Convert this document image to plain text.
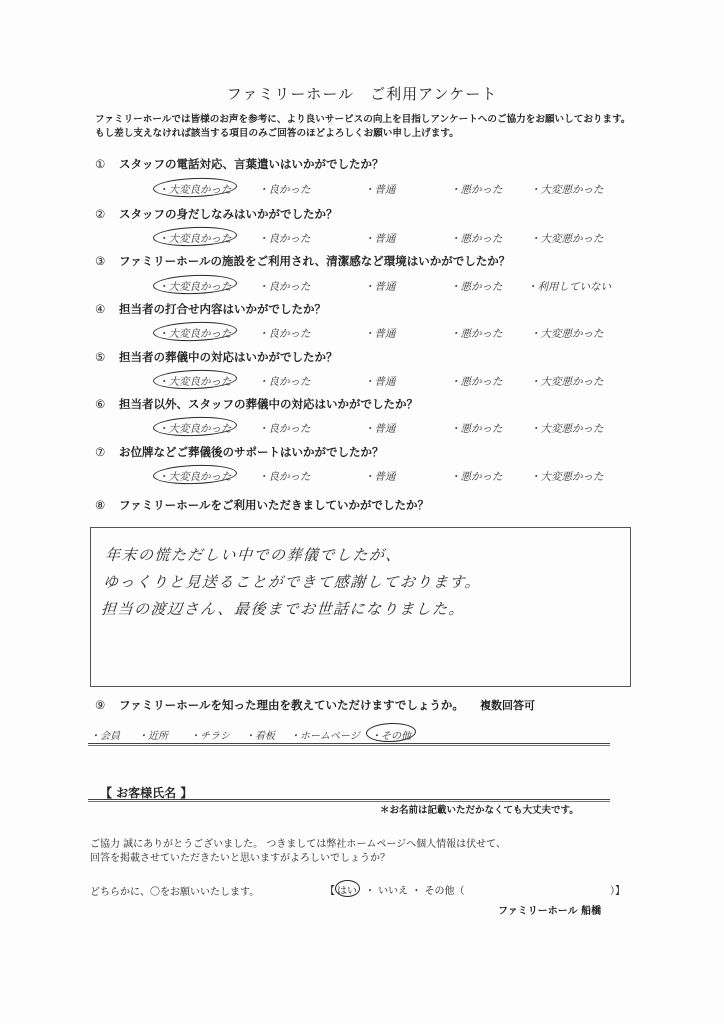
ファミリーホール　ご利用アンケート
ファミリーホールでは皆様のお声を参考に、より良いサービスの向上を目指しアンケートへのご協力をお願いしております。
もし差し支えなければ該当する項目のみご回答のほどよろしくお願い申し上げます。
① スタッフの電話対応、言葉遣いはいかがでしたか？
・大変良かった	・良かった	・普通	・悪かった	・大変悪かった
② スタッフの身だしなみはいかがでしたか？
・大変良かった	・良かった	・普通	・悪かった	・大変悪かった
③ ファミリーホールの施設をご利用され、清潔感など環境はいかがでしたか？
・大変良かった	・良かった	・普通	・悪かった ・利用していない
④ 担当者の打合せ内容はいかがでしたか？
・大変良かった	・良かった	・普通	・悪かった	・大変悪かった
⑤ 担当者の葬儀中の対応はいかがでしたか？
・大変良かった	・良かった	・普通	・悪かった	・大変悪かった
⑥ 担当者以外、スタッフの葬儀中の対応はいかがでしたか？
・大変良かった	・良かった	・普通	・悪かった	・大変悪かった
⑦ お位牌などご葬儀後のサポートはいかがでしたか？
・大変良かった	・良かった	・普通	・悪かった	・大変悪かった
⑧ ファミリーホールをご利用いただきましていかがでしたか？
年末の慌ただしい中での葬儀でしたが、
ゆっくりと見送ることができて感謝しております。
担当の渡辺さん、最後までお世話になりました。
⑨ ファミリーホールを知った理由を教えていただけますでしょうか。 複数回答可
・会員 ・近所 ・チラシ ・看板 ・ホームページ ・その他
【 お客様氏名 】
＊お名前は記載いただかなくても大丈夫です。
ご協力 誠にありがとうございました。 つきましては弊社ホームページへ個人情報は伏せて、
回答を掲載させていただきたいと思いますがよろしいでしょうか？
どちらかに、〇をお願いいたします。	【 はい ・ いいえ ・ その他（	）】
ファミリーホール 船橋
